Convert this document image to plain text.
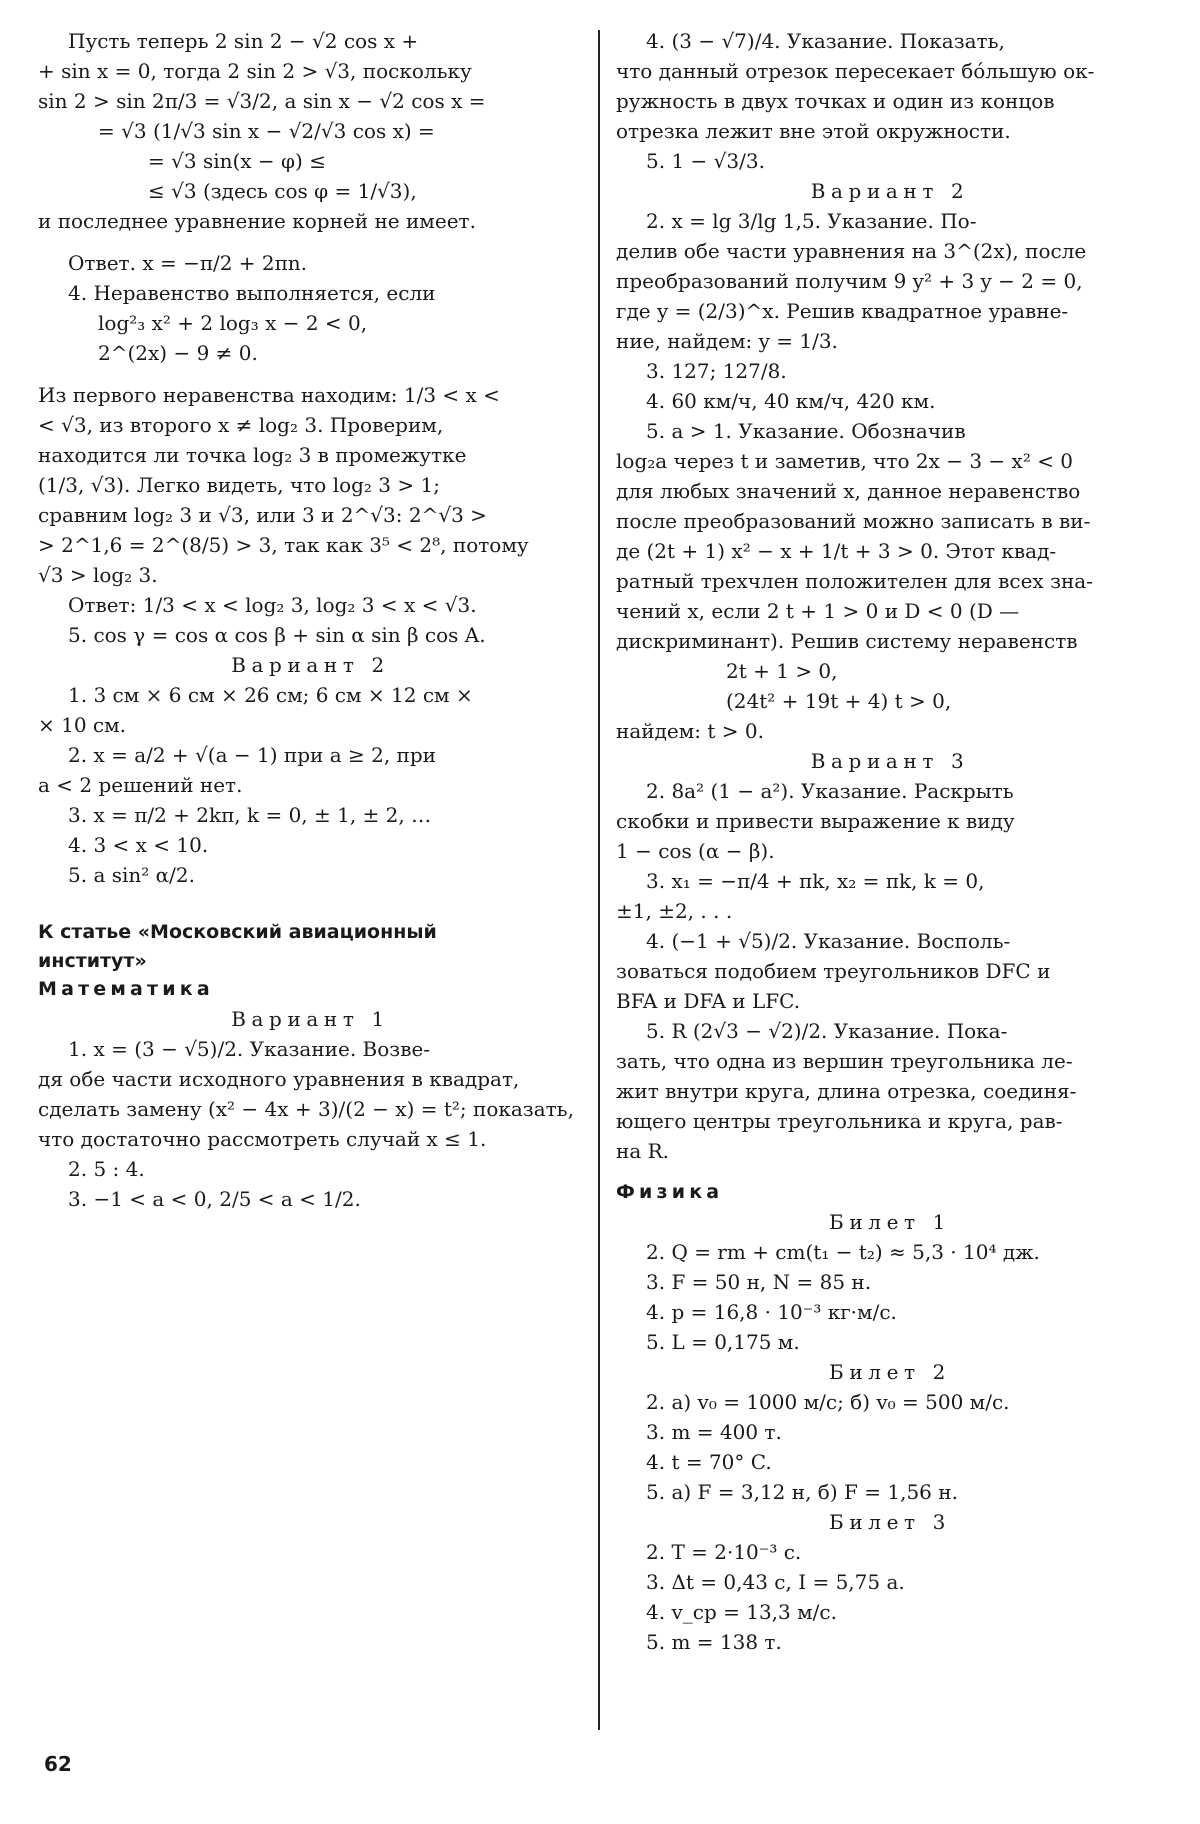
Пусть теперь 2 sin 2 − √2 cos x +
+ sin x = 0, тогда 2 sin 2 > √3, поскольку
sin 2 > sin 2π/3 = √3/2, а sin x − √2 cos x =
= √3 (1/√3 sin x − √2/√3 cos x) =
= √3 sin(x − φ) ≤
≤ √3 (здесь cos φ = 1/√3),
и последнее уравнение корней не имеет.
Ответ. x = −π/2 + 2πn.
4. Неравенство выполняется, если
log²₃ x² + 2 log₃ x − 2 < 0,
2^(2x) − 9 ≠ 0.
Из первого неравенства находим: 1/3 < x <
< √3, из второго x ≠ log₂ 3. Проверим,
находится ли точка log₂ 3 в промежутке
(1/3, √3). Легко видеть, что log₂ 3 > 1;
сравним log₂ 3 и √3, или 3 и 2^√3: 2^√3 >
> 2^1,6 = 2^(8/5) > 3, так как 3⁵ < 2⁸, потому
√3 > log₂ 3.
Ответ: 1/3 < x < log₂ 3, log₂ 3 < x < √3.
5. cos γ = cos α cos β + sin α sin β cos A.
Вариант 2
1. 3 см × 6 см × 26 см; 6 см × 12 см ×
× 10 см.
2. x = a/2 + √(a − 1) при a ≥ 2, при
a < 2 решений нет.
3. x = π/2 + 2kπ, k = 0, ± 1, ± 2, …
4. 3 < x < 10.
5. a sin² α/2.
К статье «Московский авиационный
институт»
Математика
Вариант 1
1. x = (3 − √5)/2. Указание. Возве-
дя обе части исходного уравнения в квадрат,
сделать замену (x² − 4x + 3)/(2 − x) = t²; показать,
что достаточно рассмотреть случай x ≤ 1.
2. 5 : 4.
3. −1 < a < 0, 2/5 < a < 1/2.
4. (3 − √7)/4. Указание. Показать,
что данный отрезок пересекает бóльшую ок-
ружность в двух точках и один из концов
отрезка лежит вне этой окружности.
5. 1 − √3/3.
Вариант 2
2. x = lg 3/lg 1,5. Указание. По-
делив обе части уравнения на 3^(2x), после
преобразований получим 9 y² + 3 y − 2 = 0,
где y = (2/3)^x. Решив квадратное уравне-
ние, найдем: y = 1/3.
3. 127; 127/8.
4. 60 км/ч, 40 км/ч, 420 км.
5. a > 1. Указание. Обозначив
log₂a через t и заметив, что 2x − 3 − x² < 0
для любых значений x, данное неравенство
после преобразований можно записать в ви-
де (2t + 1) x² − x + 1/t + 3 > 0. Этот квад-
ратный трехчлен положителен для всех зна-
чений x, если 2 t + 1 > 0 и D < 0 (D —
дискриминант). Решив систему неравенств
2t + 1 > 0,
(24t² + 19t + 4) t > 0,
найдем: t > 0.
Вариант 3
2. 8a² (1 − a²). Указание. Раскрыть
скобки и привести выражение к виду
1 − cos (α − β).
3. x₁ = −π/4 + πk, x₂ = πk, k = 0,
±1, ±2, . . .
4. (−1 + √5)/2. Указание. Восполь-
зоваться подобием треугольников DFC и
BFA и DFA и LFC.
5. R (2√3 − √2)/2. Указание. Пока-
зать, что одна из вершин треугольника ле-
жит внутри круга, длина отрезка, соединя-
ющего центры треугольника и круга, рав-
на R.
Физика
Билет 1
2. Q = rm + cm(t₁ − t₂) ≈ 5,3 · 10⁴ дж.
3. F = 50 н, N = 85 н.
4. p = 16,8 · 10⁻³ кг·м/с.
5. L = 0,175 м.
Билет 2
2. а) v₀ = 1000 м/с; б) v₀ = 500 м/с.
3. m = 400 т.
4. t = 70° C.
5. а) F = 3,12 н, б) F = 1,56 н.
Билет 3
2. T = 2·10⁻³ с.
3. Δt = 0,43 с, I = 5,75 а.
4. v_ср = 13,3 м/с.
5. m = 138 т.
62
